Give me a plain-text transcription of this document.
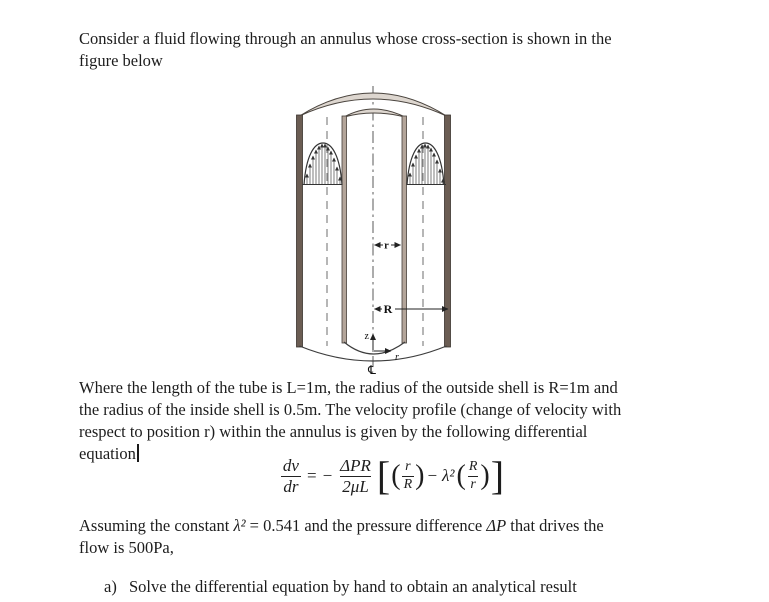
Consider a fluid flowing through an annulus whose cross-section is shown in the
figure below

r
R
z
r
℄

Where the length of the tube is L=1m, the radius of the outside shell is R=1m and
the radius of the inside shell is 0.5m. The velocity profile (change of velocity with
respect to position r) within the annulus is given by the following differential
equation

$\frac{dv}{dr}$ = − $\frac{\text{ΔPR}}{2\mu L}$ [ ( $\frac{r}{R}$ ) − λ² ( $\frac{R}{r}$ ) ]

Assuming the constant λ² = 0.541 and the pressure difference ΔP that drives the
flow is 500Pa,

a) Solve the differential equation by hand to obtain an analytical result
